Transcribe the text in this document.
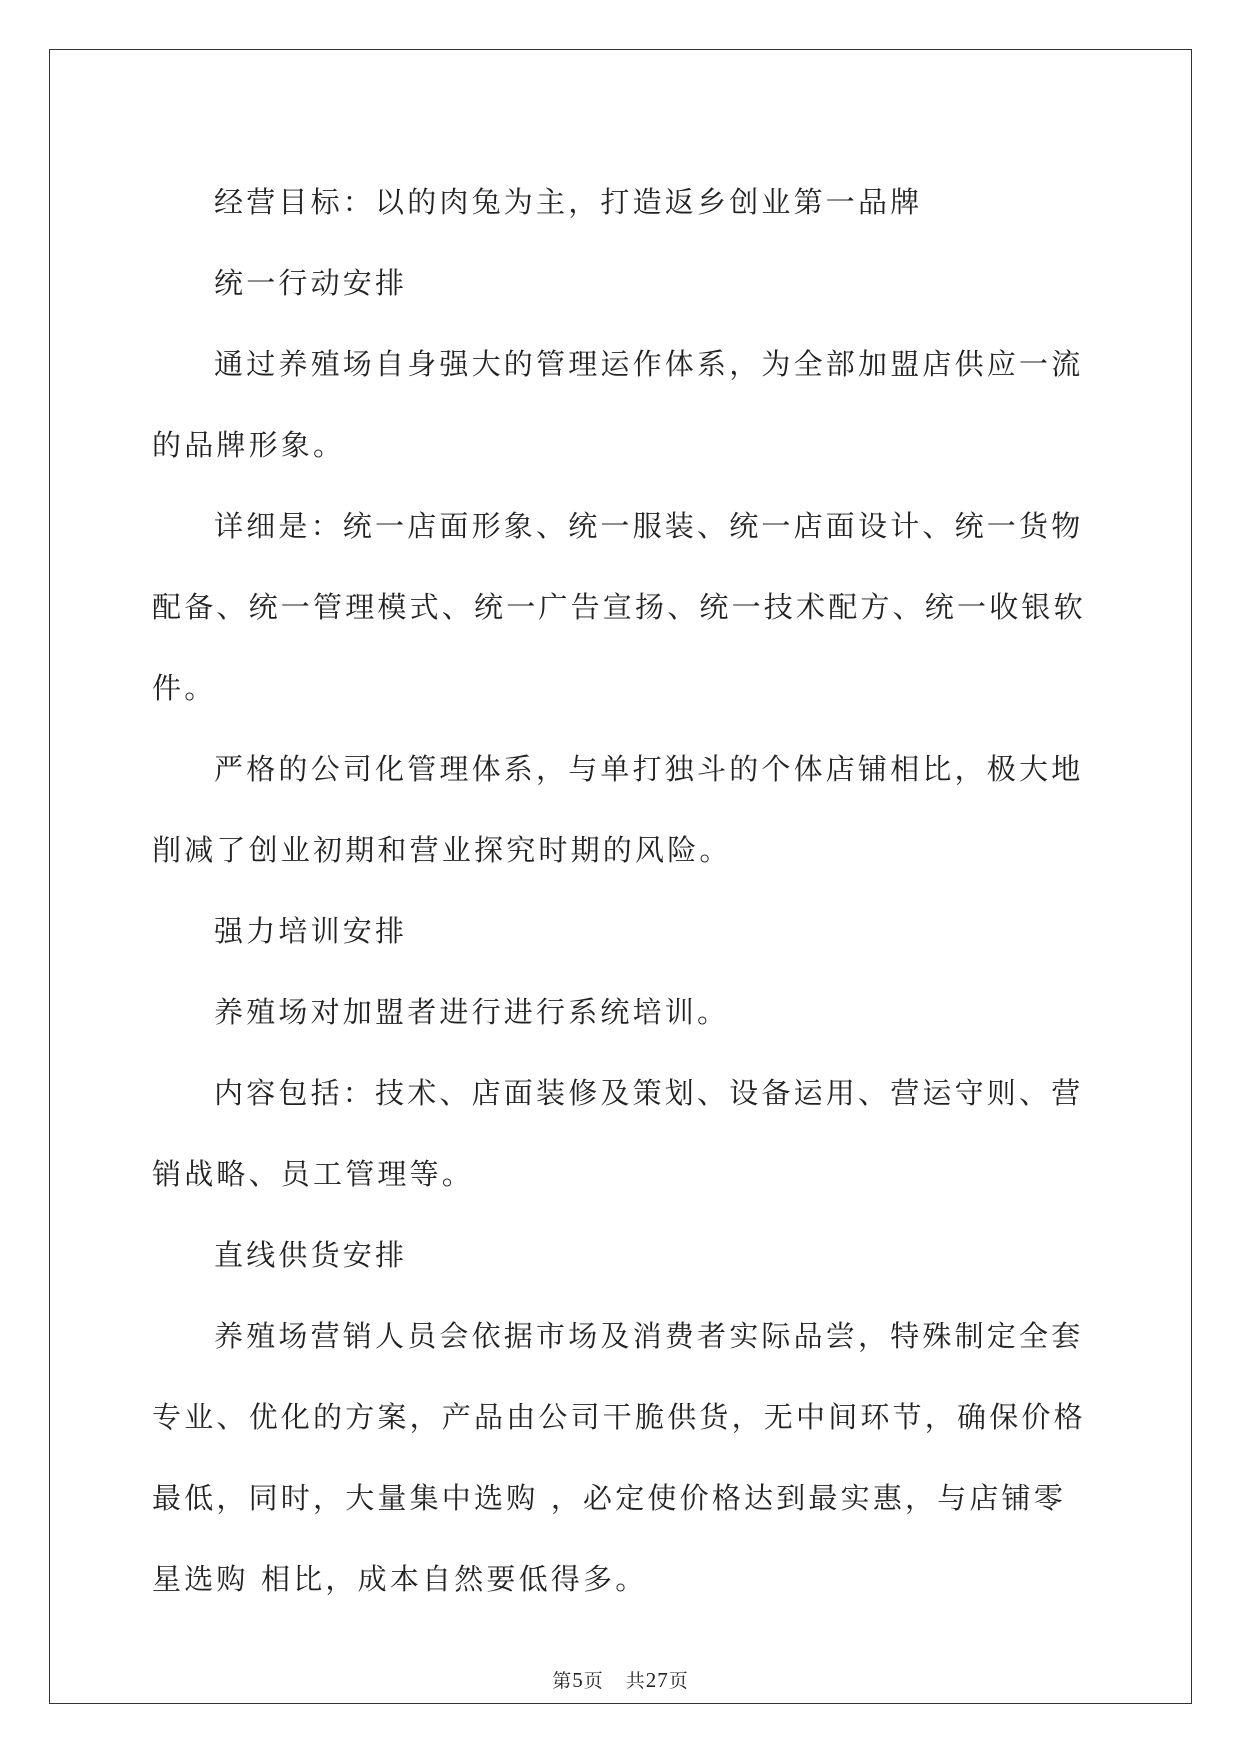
经营目标：以的肉兔为主，打造返乡创业第一品牌

统一行动安排

通过养殖场自身强大的管理运作体系，为全部加盟店供应一流的品牌形象。

详细是：统一店面形象、统一服装、统一店面设计、统一货物配备、统一管理模式、统一广告宣扬、统一技术配方、统一收银软件。

严格的公司化管理体系，与单打独斗的个体店铺相比，极大地削减了创业初期和营业探究时期的风险。

强力培训安排

养殖场对加盟者进行进行系统培训。

内容包括：技术、店面装修及策划、设备运用、营运守则、营销战略、员工管理等。

直线供货安排

养殖场营销人员会依据市场及消费者实际品尝，特殊制定全套专业、优化的方案，产品由公司干脆供货，无中间环节，确保价格最低，同时，大量集中选购 ，必定使价格达到最实惠，与店铺零星选购 相比，成本自然要低得多。

第5页 共27页
